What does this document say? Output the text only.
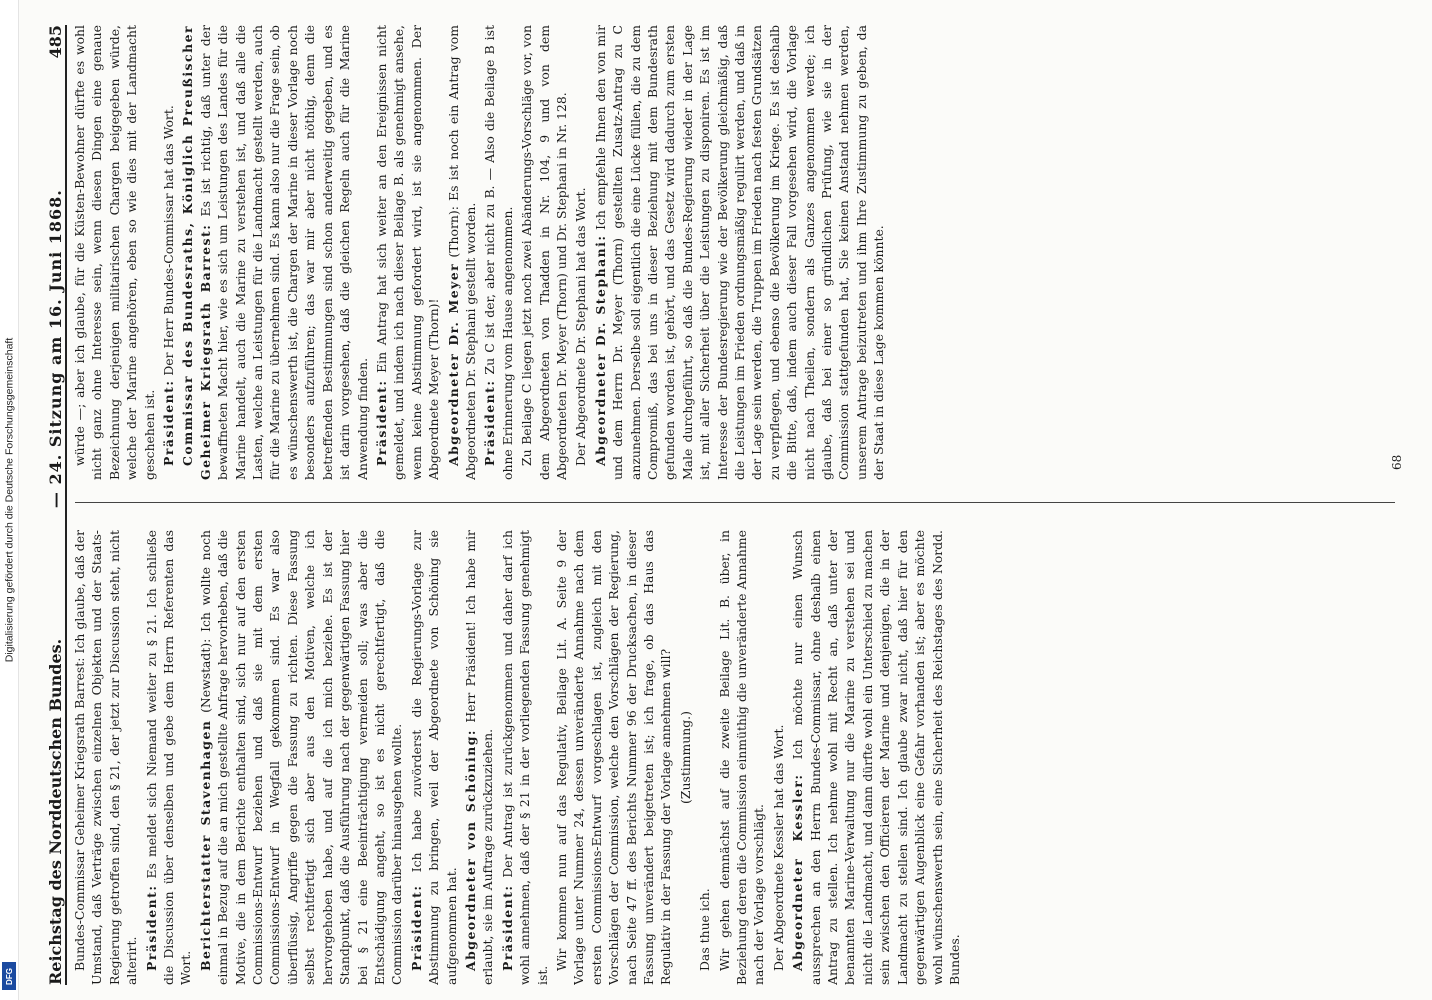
Digitalisierung gefördert durch die Deutsche Forschungsgemeinschaft
DFG Reichstag des Norddeutschen Bundes.
— 24. Sitzung am 16. Juni 1868.
485

Bundes-Commissar Geheimer Kriegsrath Barrest: Ich glaube, daß der Umstand, daß Verträge zwischen einzelnen Objekten und der Staats-Regierung getroffen sind, den § 21, der jetzt zur Discussion steht, nicht alterirt. Präsident: Es meldet sich Niemand weiter zu § 21. Ich schließe die Discussion über denselben und gebe dem Herrn Referenten das Wort. Berichterstatter Stavenhagen (Newstadt): Ich wollte noch einmal in Bezug auf die an mich gestellte Anfrage hervorheben, daß die Motive, die in dem Berichte enthalten sind, sich nur auf den ersten Commissions-Entwurf beziehen und daß sie mit dem ersten Commissions-Entwurf in Wegfall gekommen sind. Es war also überflüssig, Angriffe gegen die Fassung zu richten. Diese Fassung selbst rechtfertigt sich aber aus den Motiven, welche ich hervorgehoben habe, und auf die ich mich beziehe. Es ist der Standpunkt, daß die Ausführung nach der gegenwärtigen Fassung hier bei § 21 eine Beeinträchtigung vermeiden soll; was aber die Entschädigung angeht, so ist es nicht gerechtfertigt, daß die Commission darüber hinausgehen wollte. Präsident: Ich habe zuvörderst die Regierungs-Vorlage zur Abstimmung zu bringen, weil der Abgeordnete von Schöning sie aufgenommen hat. Abgeordneter von Schöning: Herr Präsident! Ich habe mir erlaubt, sie im Auftrage zurückzuziehen. Präsident: Der Antrag ist zurückgenommen und daher darf ich wohl annehmen, daß der § 21 in der vorliegenden Fassung genehmigt ist.

Wir kommen nun auf das Regulativ, Beilage Lit. A. Seite 9 der Vorlage unter Nummer 24, dessen unveränderte Annahme nach dem ersten Commissions-Entwurf vorgeschlagen ist, zugleich mit den Vorschlägen der Commission, welche den Vorschlägen der Regierung, nach Seite 47 ff. des Berichts Nummer 96 der Drucksachen, in dieser Fassung unverändert beigetreten ist; ich frage, ob das Haus das Regulativ in der Fassung der Vorlage annehmen will? (Zustimmung.)

Das thue ich. Wir gehen demnächst auf die zweite Beilage Lit. B. über, in Beziehung deren die Commission einmüthig die unveränderte Annahme nach der Vorlage vorschlägt. Der Abgeordnete Kessler hat das Wort. Abgeordneter Kessler: Ich möchte nur einen Wunsch aussprechen an den Herrn Bundes-Commissar, ohne deshalb einen Antrag zu stellen. Ich nehme wohl mit Recht an, daß unter der benannten Marine-Verwaltung nur die Marine zu verstehen sei und nicht die Landmacht, und dann dürfte wohl ein Unterschied zu machen sein zwischen den Officieren der Marine und denjenigen, die in der Landmacht zu stellen sind. Ich glaube zwar nicht, daß hier für den gegenwärtigen Augenblick eine Gefahr vorhanden ist; aber es möchte wohl wünschenswerth sein, eine Sicherheit des Reichstages des Nordd. Bundes.

würde —; aber ich glaube, für die Küsten-Bewohner dürfte es wohl nicht ganz ohne Interesse sein, wenn diesen Dingen eine genaue Bezeichnung derjenigen militairischen Chargen beigegeben würde, welche der Marine angehören, eben so wie dies mit der Landmacht geschehen ist. Präsident: Der Herr Bundes-Commissar hat das Wort. Commissar des Bundesraths, Königlich Preußischer Geheimer Kriegsrath Barrest: Es ist richtig, daß unter der bewaffneten Macht hier, wie es sich um Leistungen des Landes für die Marine handelt, auch die Marine zu verstehen ist, und daß alle die Lasten, welche an Leistungen für die Landmacht gestellt werden, auch für die Marine zu übernehmen sind. Es kann also nur die Frage sein, ob es wünschenswerth ist, die Chargen der Marine in dieser Vorlage noch besonders aufzuführen; das war mir aber nicht nöthig, denn die betreffenden Bestimmungen sind schon anderweitig gegeben, und es ist darin vorgesehen, daß die gleichen Regeln auch für die Marine Anwendung finden. Präsident: Ein Antrag hat sich weiter an den Ereignissen nicht gemeldet, und indem ich nach dieser Beilage B. als genehmigt ansehe, wenn keine Abstimmung gefordert wird, ist sie angenommen. Der Abgeordnete Meyer (Thorn)! Abgeordneter Dr. Meyer (Thorn): Es ist noch ein Antrag vom Abgeordneten Dr. Stephani gestellt worden. Präsident: Zu C ist der, aber nicht zu B. — Also die Beilage B ist ohne Erinnerung vom Hause angenommen. Zu Beilage C liegen jetzt noch zwei Abänderungs-Vorschläge vor, von dem Abgeordneten von Thadden in Nr. 104, 9 und von dem Abgeordneten Dr. Meyer (Thorn) und Dr. Stephani in Nr. 128. Der Abgeordnete Dr. Stephani hat das Wort. Abgeordneter Dr. Stephani: Ich empfehle Ihnen den von mir und dem Herrn Dr. Meyer (Thorn) gestellten Zusatz-Antrag zu C anzunehmen. Derselbe soll eigentlich die eine Lücke füllen, die zu dem Compromiß, das bei uns in dieser Beziehung mit dem Bundesrath gefunden worden ist, gehört, und das Gesetz wird dadurch zum ersten Male durchgeführt, so daß die Bundes-Regierung wieder in der Lage ist, mit aller Sicherheit über die Leistungen zu disponiren. Es ist im Interesse der Bundesregierung wie der Bevölkerung gleichmäßig, daß die Leistungen im Frieden ordnungsmäßig regulirt werden, und daß in der Lage sein werden, die Truppen im Frieden nach festen Grundsätzen zu verpflegen, und ebenso die Bevölkerung im Kriege. Es ist deshalb die Bitte, daß, indem auch dieser Fall vorgesehen wird, die Vorlage nicht nach Theilen, sondern als Ganzes angenommen werde; ich glaube, daß bei einer so gründlichen Prüfung, wie sie in der Commission stattgefunden hat, Sie keinen Anstand nehmen werden, unserem Antrage beizutreten und ihm Ihre Zustimmung zu geben, da der Staat in diese Lage kommen könnte.	68
